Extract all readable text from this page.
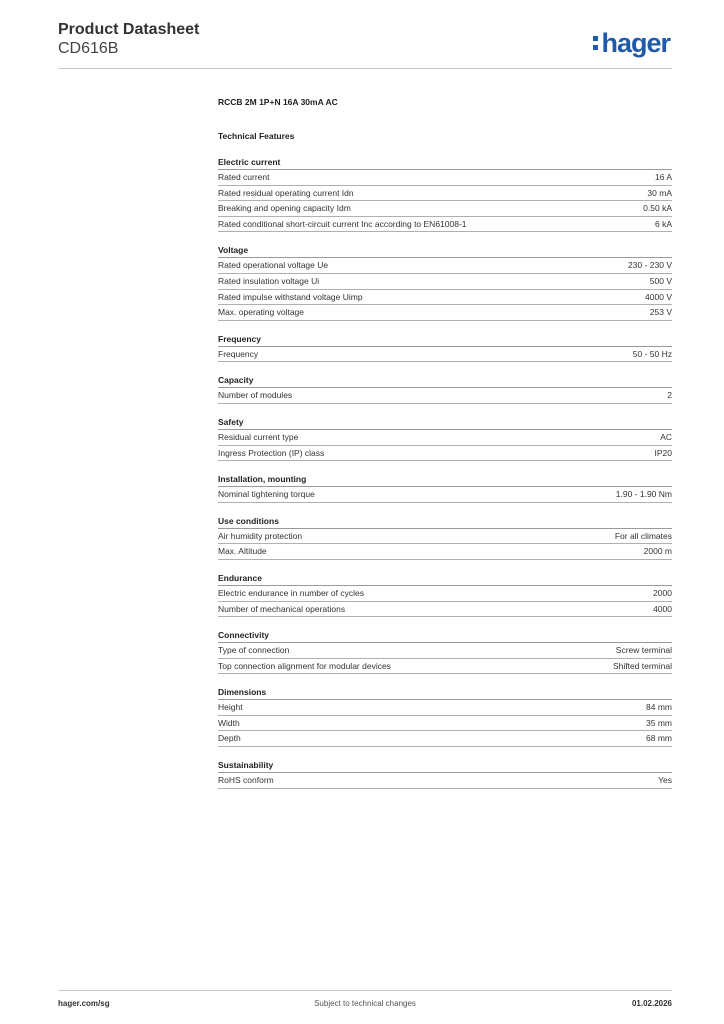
Product Datasheet
CD616B	hager
RCCB 2M 1P+N 16A 30mA AC
Technical Features
Electric current
Rated current	16 A
Rated residual operating current Idn	30 mA
Breaking and opening capacity Idm	0.50 kA
Rated conditional short-circuit current Inc according to EN61008-1	6 kA
Voltage
Rated operational voltage Ue	230 - 230 V
Rated insulation voltage Ui	500 V
Rated impulse withstand voltage Uimp	4000 V
Max. operating voltage	253 V
Frequency
Frequency	50 - 50 Hz
Capacity
Number of modules	2
Safety
Residual current type	AC
Ingress Protection (IP) class	IP20
Installation, mounting
Nominal tightening torque	1.90 - 1.90 Nm
Use conditions
Air humidity protection	For all climates
Max. Altitude	2000 m
Endurance
Electric endurance in number of cycles	2000
Number of mechanical operations	4000
Connectivity
Type of connection	Screw terminal
Top connection alignment for modular devices	Shifted terminal
Dimensions
Height	84 mm
Width	35 mm
Depth	68 mm
Sustainability
RoHS conform	Yes
hager.com/sg	Subject to technical changes	01.02.2026
